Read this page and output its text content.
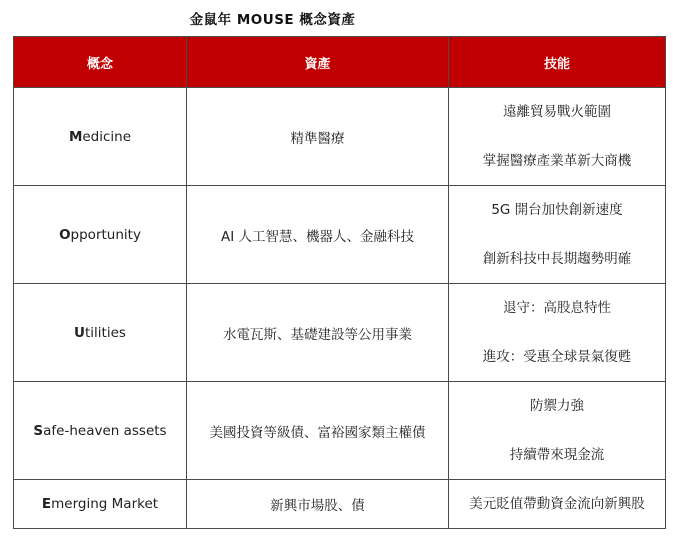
金鼠年 MOUSE 概念資產
概念	資產	技能
Medicine	精準醫療	遠離貿易戰火範圍
掌握醫療產業革新大商機

Opportunity	AI 人工智慧、機器人、金融科技	5G 開台加快創新速度
創新科技中長期趨勢明確

Utilities	水電瓦斯、基礎建設等公用事業	退守：高股息特性
進攻：受惠全球景氣復甦

Safe-heaven assets	美國投資等級債、富裕國家類主權債	防禦力強
持續帶來現金流

Emerging Market	新興市場股、債	美元貶值帶動資金流向新興股
